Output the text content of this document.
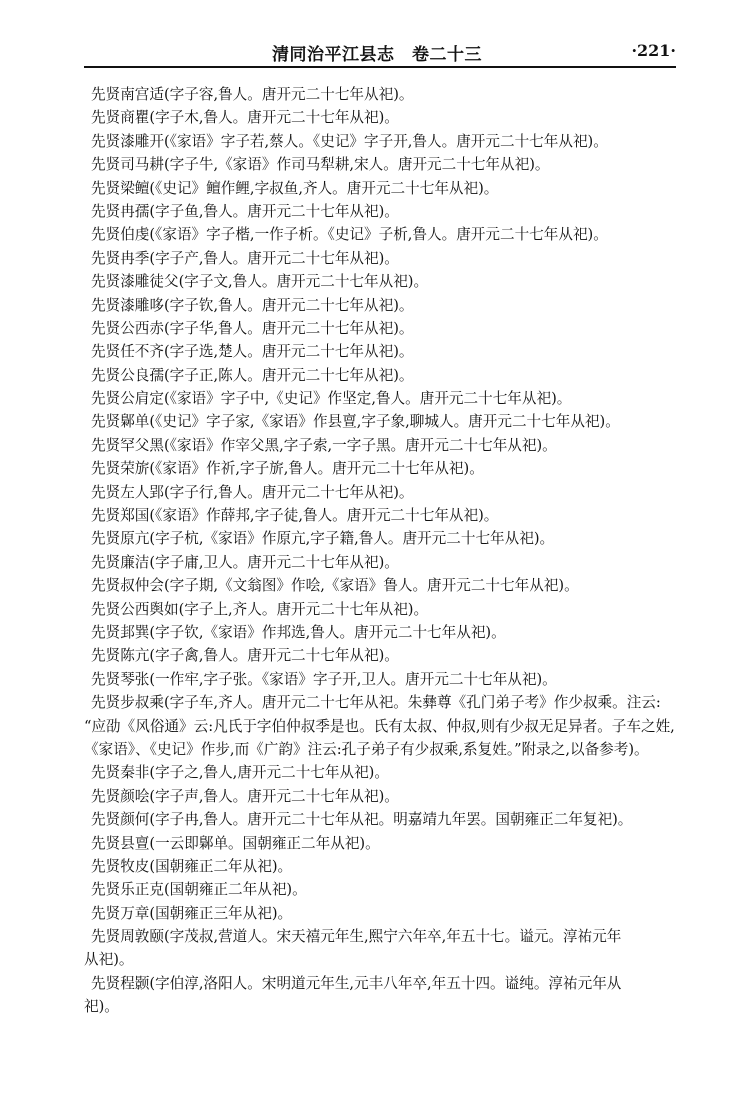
清同治平江县志　卷二十三	·221·
先贤南宫适(字子容,鲁人。唐开元二十七年从祀)。
先贤商瞿(字子木,鲁人。唐开元二十七年从祀)。
先贤漆雕开(《家语》字子若,蔡人。《史记》字子开,鲁人。唐开元二十七年从祀)。
先贤司马耕(字子牛,《家语》作司马犁耕,宋人。唐开元二十七年从祀)。
先贤梁鳣(《史记》鳣作鲤,字叔鱼,齐人。唐开元二十七年从祀)。
先贤冉孺(字子鱼,鲁人。唐开元二十七年从祀)。
先贤伯虔(《家语》字子楷,一作子析。《史记》子析,鲁人。唐开元二十七年从祀)。
先贤冉季(字子产,鲁人。唐开元二十七年从祀)。
先贤漆雕徒父(字子文,鲁人。唐开元二十七年从祀)。
先贤漆雕哆(字子钦,鲁人。唐开元二十七年从祀)。
先贤公西赤(字子华,鲁人。唐开元二十七年从祀)。
先贤任不齐(字子选,楚人。唐开元二十七年从祀)。
先贤公良孺(字子正,陈人。唐开元二十七年从祀)。
先贤公肩定(《家语》字子中,《史记》作坚定,鲁人。唐开元二十七年从祀)。
先贤鄡单(《史记》字子家,《家语》作县亶,字子象,聊城人。唐开元二十七年从祀)。
先贤罕父黑(《家语》作宰父黑,字子索,一字子黑。唐开元二十七年从祀)。
先贤荣旂(《家语》作祈,字子旂,鲁人。唐开元二十七年从祀)。
先贤左人郢(字子行,鲁人。唐开元二十七年从祀)。
先贤郑国(《家语》作薛邦,字子徒,鲁人。唐开元二十七年从祀)。
先贤原亢(字子杭,《家语》作原亢,字子籍,鲁人。唐开元二十七年从祀)。
先贤廉洁(字子庸,卫人。唐开元二十七年从祀)。
先贤叔仲会(字子期,《文翁图》作哙,《家语》鲁人。唐开元二十七年从祀)。
先贤公西舆如(字子上,齐人。唐开元二十七年从祀)。
先贤邽巽(字子钦,《家语》作邦选,鲁人。唐开元二十七年从祀)。
先贤陈亢(字子禽,鲁人。唐开元二十七年从祀)。
先贤琴张(一作牢,字子张。《家语》字子开,卫人。唐开元二十七年从祀)。
先贤步叔乘(字子车,齐人。唐开元二十七年从祀。朱彝尊《孔门弟子考》作少叔乘。注云:
“应劭《风俗通》云:凡氏于字伯仲叔季是也。氏有太叔、仲叔,则有少叔无足异者。子车之姓,
《家语》、《史记》作步,而《广韵》注云:孔子弟子有少叔乘,系复姓。”附录之,以备参考)。
先贤秦非(字子之,鲁人,唐开元二十七年从祀)。
先贤颜哙(字子声,鲁人。唐开元二十七年从祀)。
先贤颜何(字子冉,鲁人。唐开元二十七年从祀。明嘉靖九年罢。国朝雍正二年复祀)。
先贤县亶(一云即鄡单。国朝雍正二年从祀)。
先贤牧皮(国朝雍正二年从祀)。
先贤乐正克(国朝雍正二年从祀)。
先贤万章(国朝雍正三年从祀)。
先贤周敦颐(字茂叔,营道人。宋天禧元年生,熙宁六年卒,年五十七。谥元。淳祐元年
从祀)。
先贤程颢(字伯淳,洛阳人。宋明道元年生,元丰八年卒,年五十四。谥纯。淳祐元年从
祀)。
